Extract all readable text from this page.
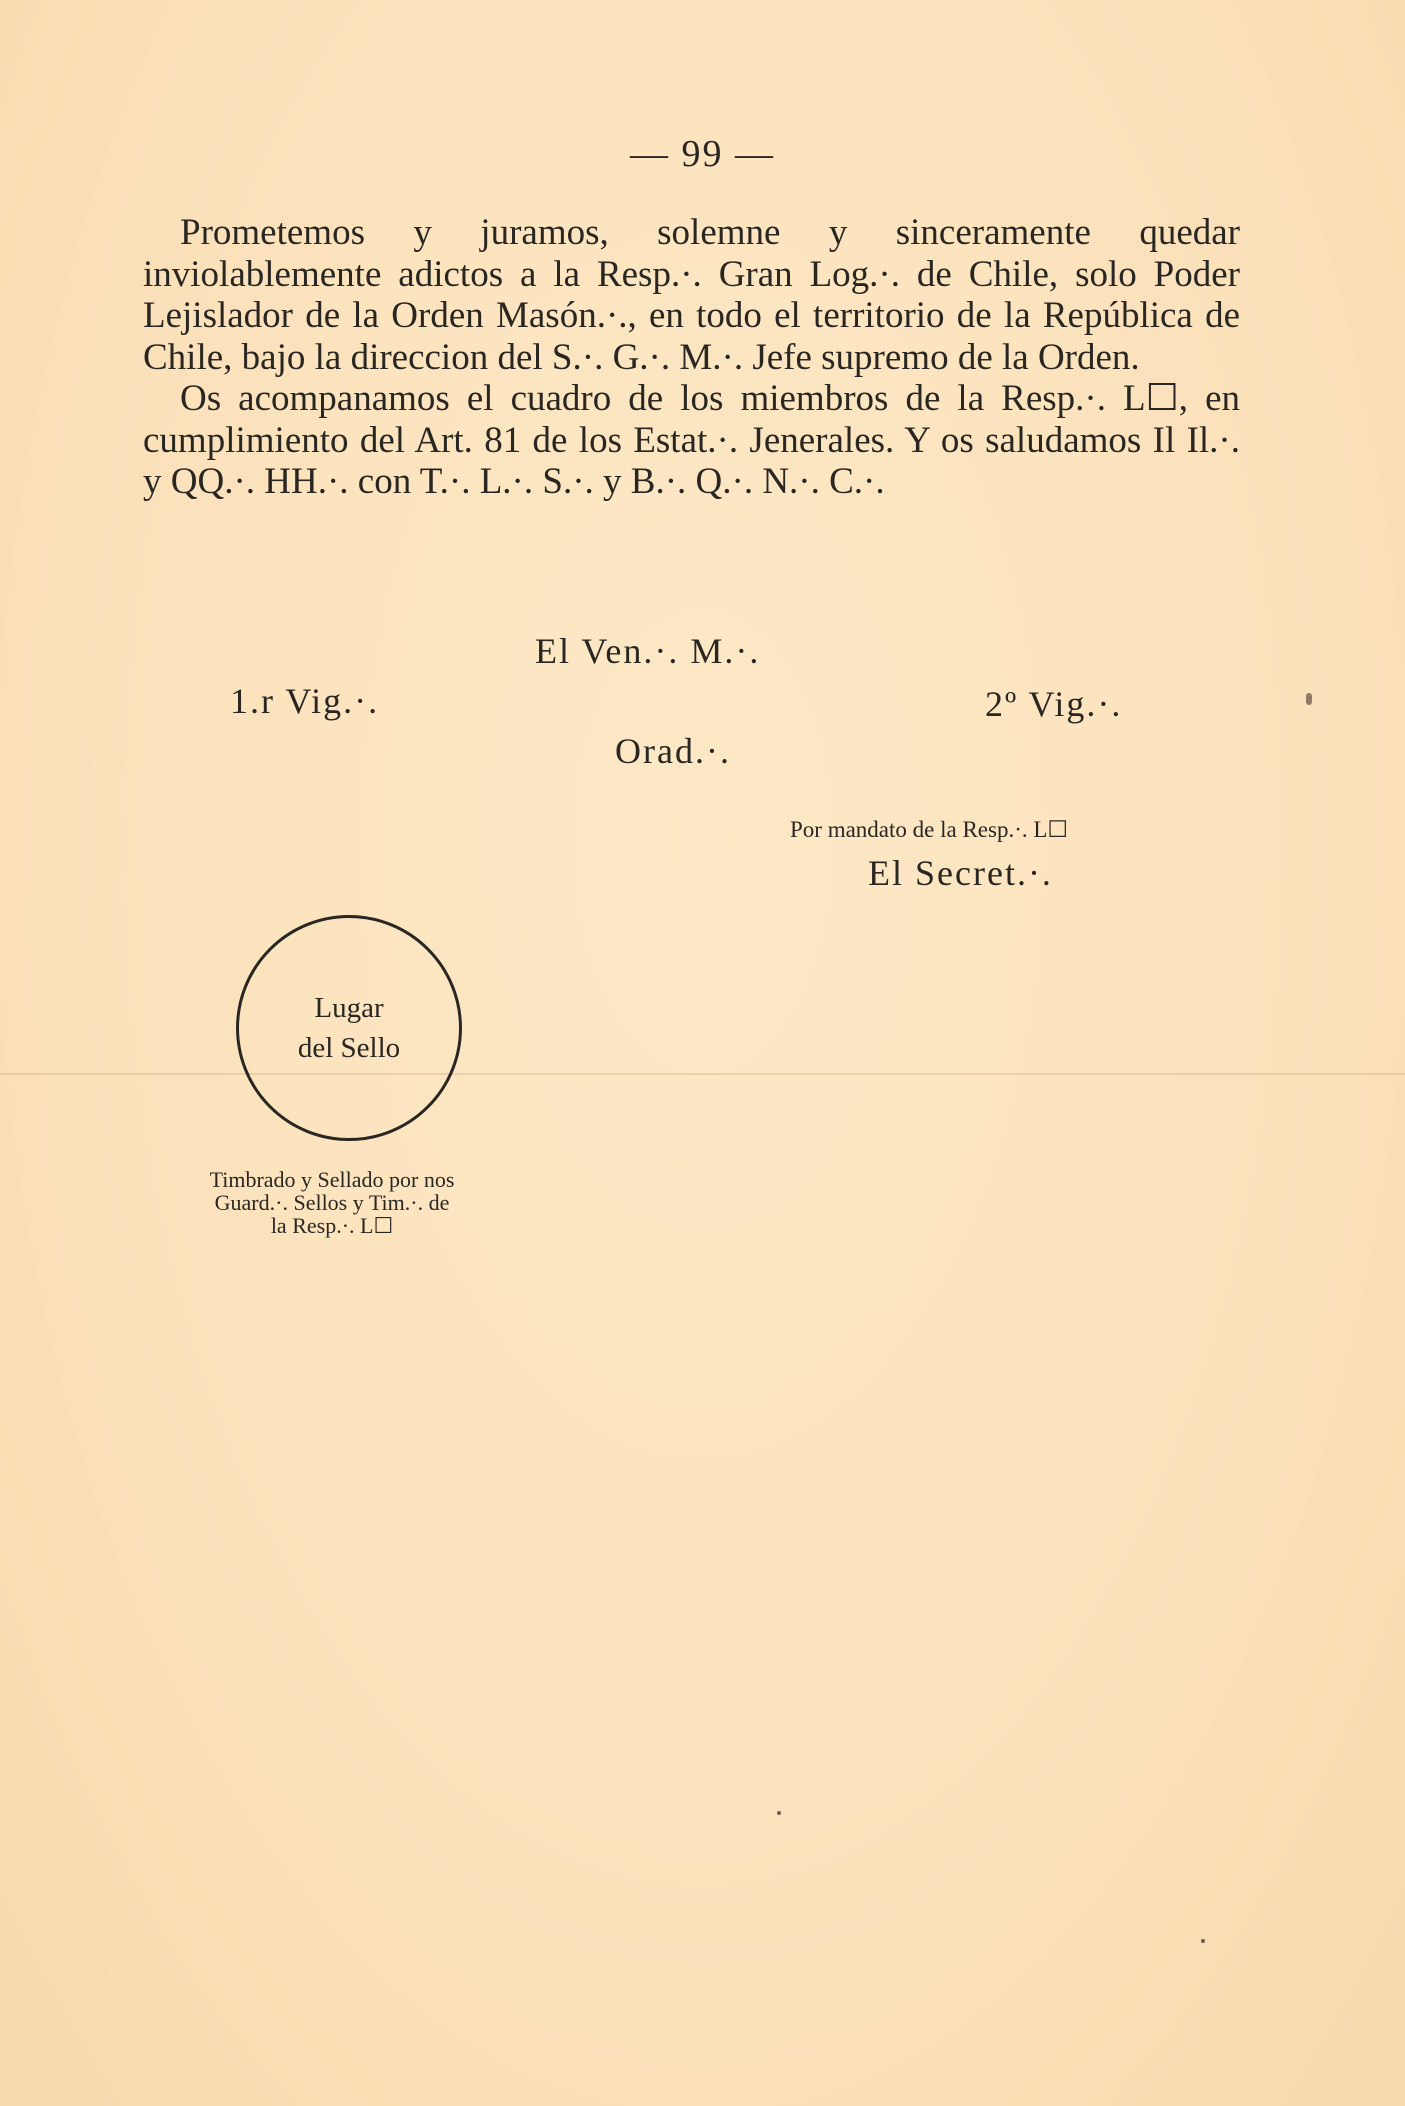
— 99 —

Prometemos y juramos, solemne y sinceramente quedar inviolablemente adictos a la Resp.·. Gran Log.·. de Chile, solo Poder Lejislador de la Orden Masón.·., en todo el territorio de la República de Chile, bajo la direccion del S.·. G.·. M.·. Jefe supremo de la Orden.

Os acompanamos el cuadro de los miembros de la Resp.·. L☐, en cumplimiento del Art. 81 de los Estat.·. Jenerales. Y os saludamos Il Il.·. y QQ.·. HH.·. con T.·. L.·. S.·. y B.·. Q.·. N.·. C.·.

El Ven.·. M.·.
1.r Vig.·.	2º Vig.·.
Orad.·.
Por mandato de la Resp.·. L☐
El Secret.·.
Lugar
del Sello
Timbrado y Sellado por nos
Guard.·. Sellos y Tim.·. de
la Resp.·. L☐
